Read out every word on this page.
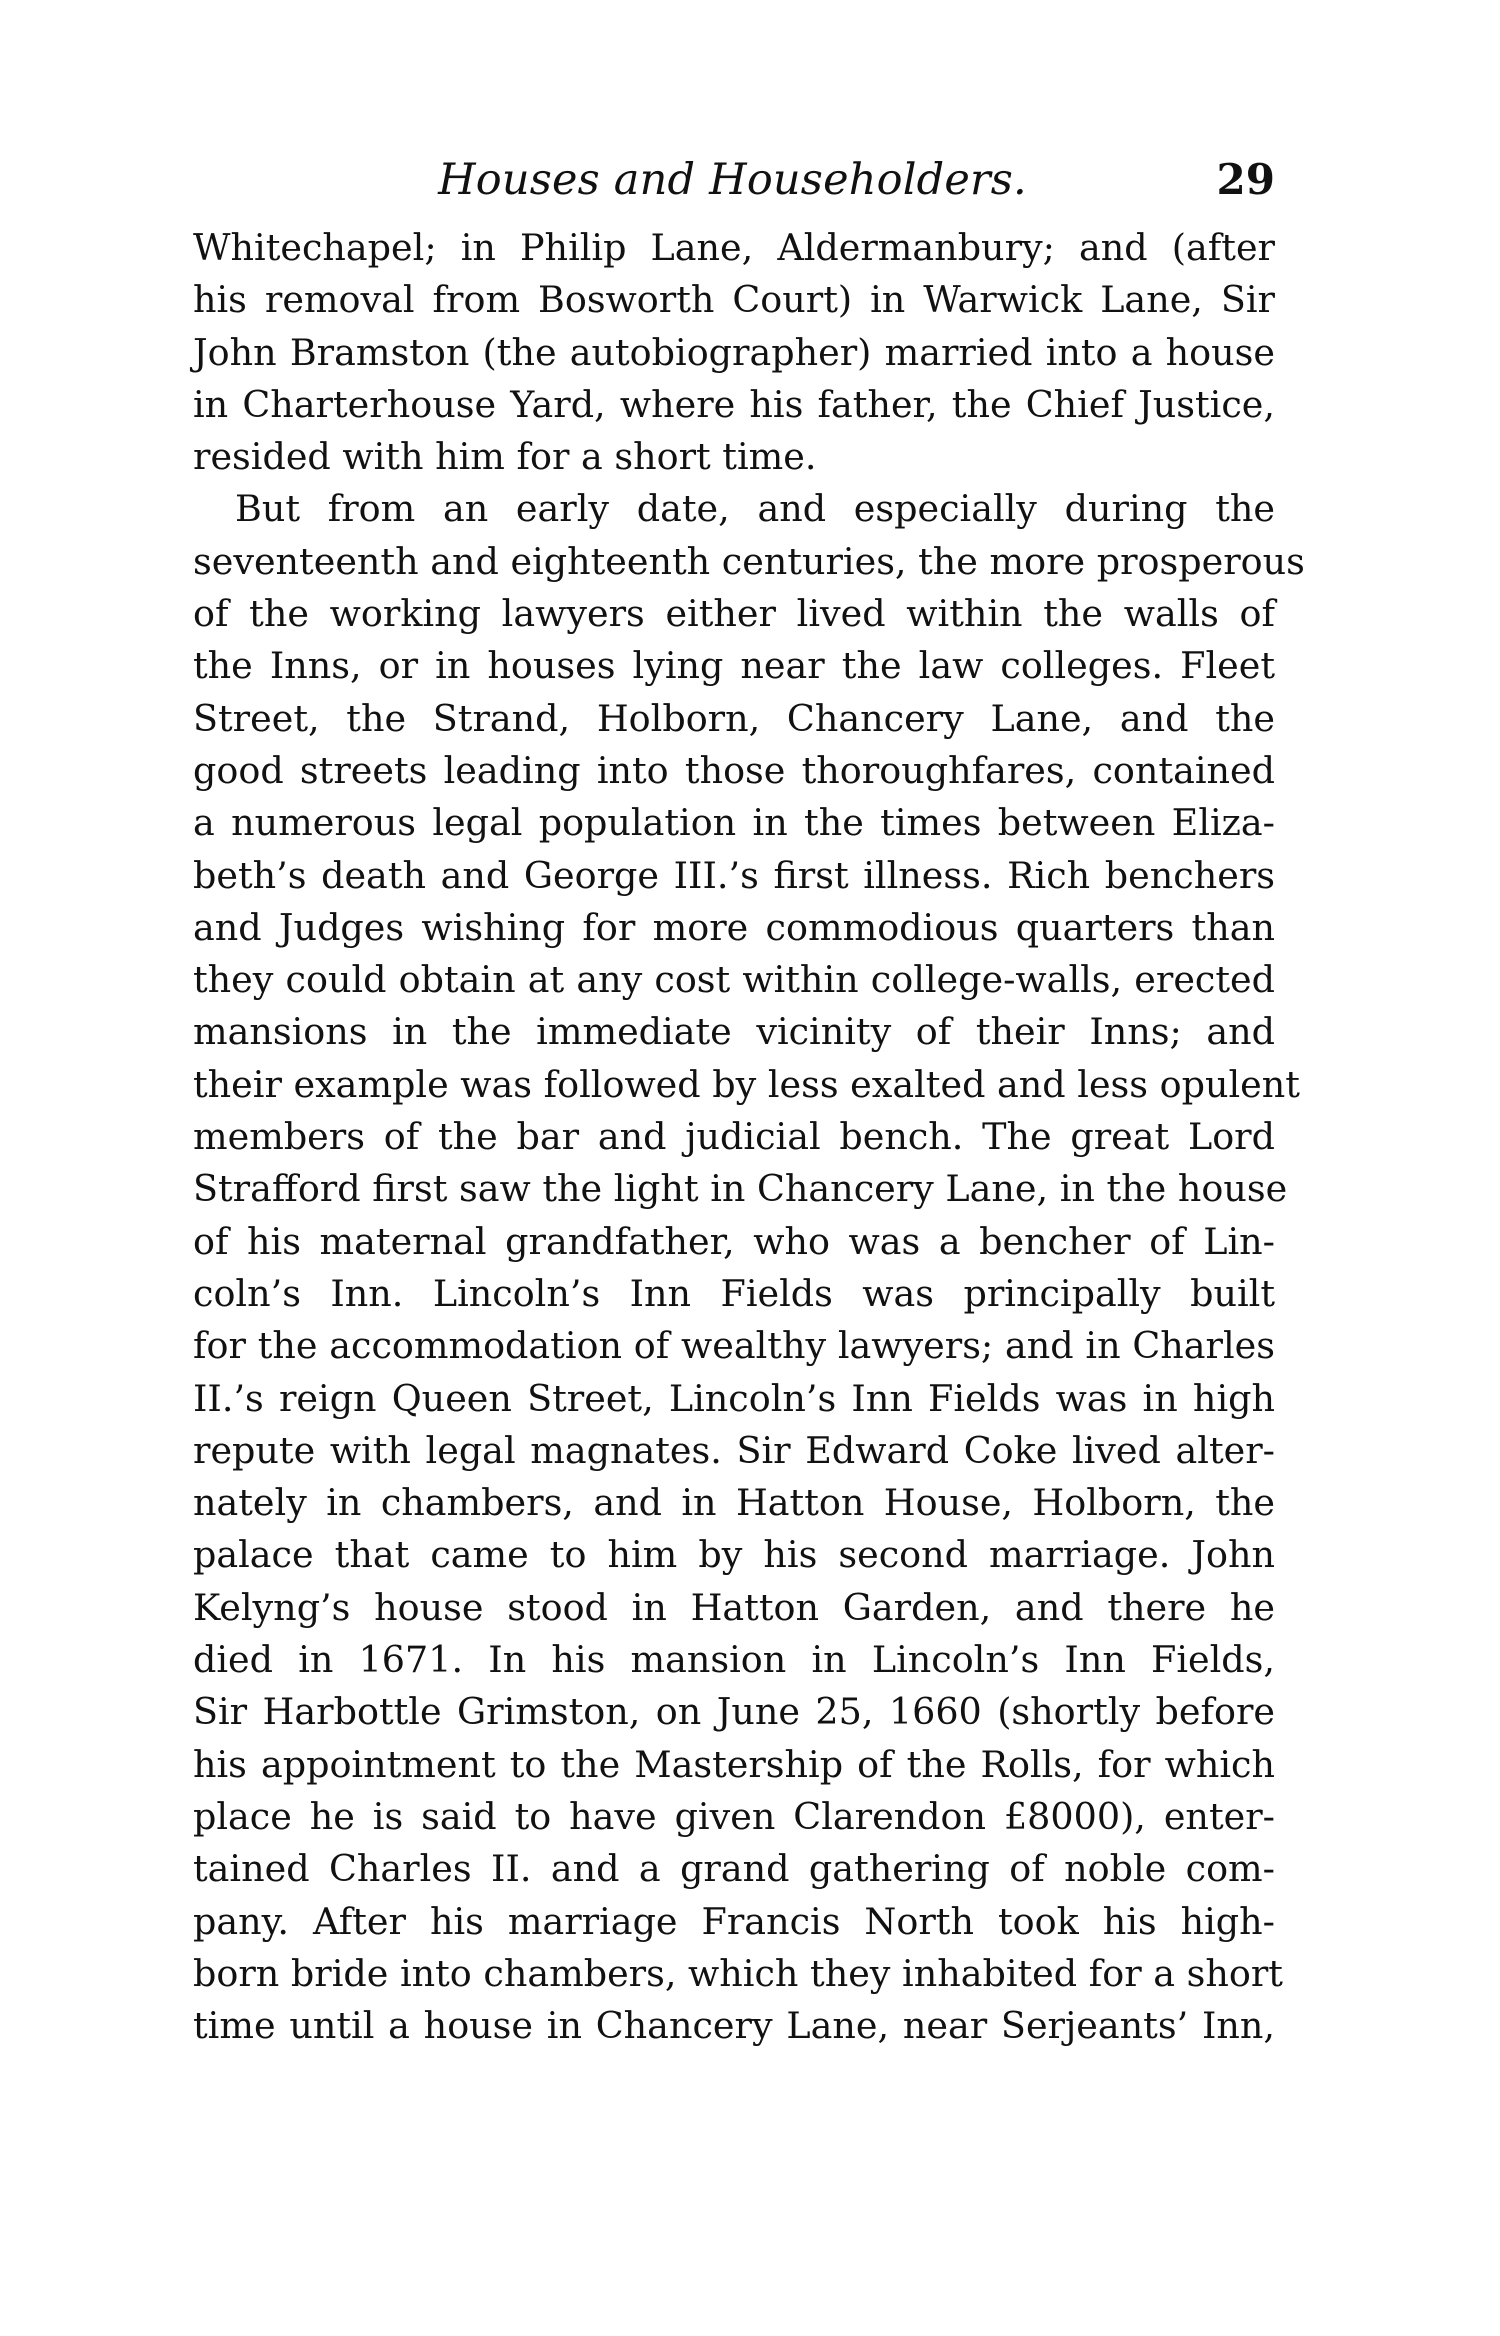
Houses and Householders.	29
Whitechapel; in Philip Lane, Aldermanbury; and (after
his removal from Bosworth Court) in Warwick Lane, Sir
John Bramston (the autobiographer) married into a house
in Charterhouse Yard, where his father, the Chief Justice,
resided with him for a short time.
But from an early date, and especially during the
seventeenth and eighteenth centuries, the more prosperous
of the working lawyers either lived within the walls of
the Inns, or in houses lying near the law colleges. Fleet
Street, the Strand, Holborn, Chancery Lane, and the
good streets leading into those thoroughfares, contained
a numerous legal population in the times between Eliza-
beth’s death and George III.’s first illness. Rich benchers
and Judges wishing for more commodious quarters than
they could obtain at any cost within college-walls, erected
mansions in the immediate vicinity of their Inns; and
their example was followed by less exalted and less opulent
members of the bar and judicial bench. The great Lord
Strafford first saw the light in Chancery Lane, in the house
of his maternal grandfather, who was a bencher of Lin-
coln’s Inn. Lincoln’s Inn Fields was principally built
for the accommodation of wealthy lawyers; and in Charles
II.’s reign Queen Street, Lincoln’s Inn Fields was in high
repute with legal magnates. Sir Edward Coke lived alter-
nately in chambers, and in Hatton House, Holborn, the
palace that came to him by his second marriage. John
Kelyng’s house stood in Hatton Garden, and there he
died in 1671. In his mansion in Lincoln’s Inn Fields,
Sir Harbottle Grimston, on June 25, 1660 (shortly before
his appointment to the Mastership of the Rolls, for which
place he is said to have given Clarendon £8000), enter-
tained Charles II. and a grand gathering of noble com-
pany. After his marriage Francis North took his high-
born bride into chambers, which they inhabited for a short
time until a house in Chancery Lane, near Serjeants’ Inn,
